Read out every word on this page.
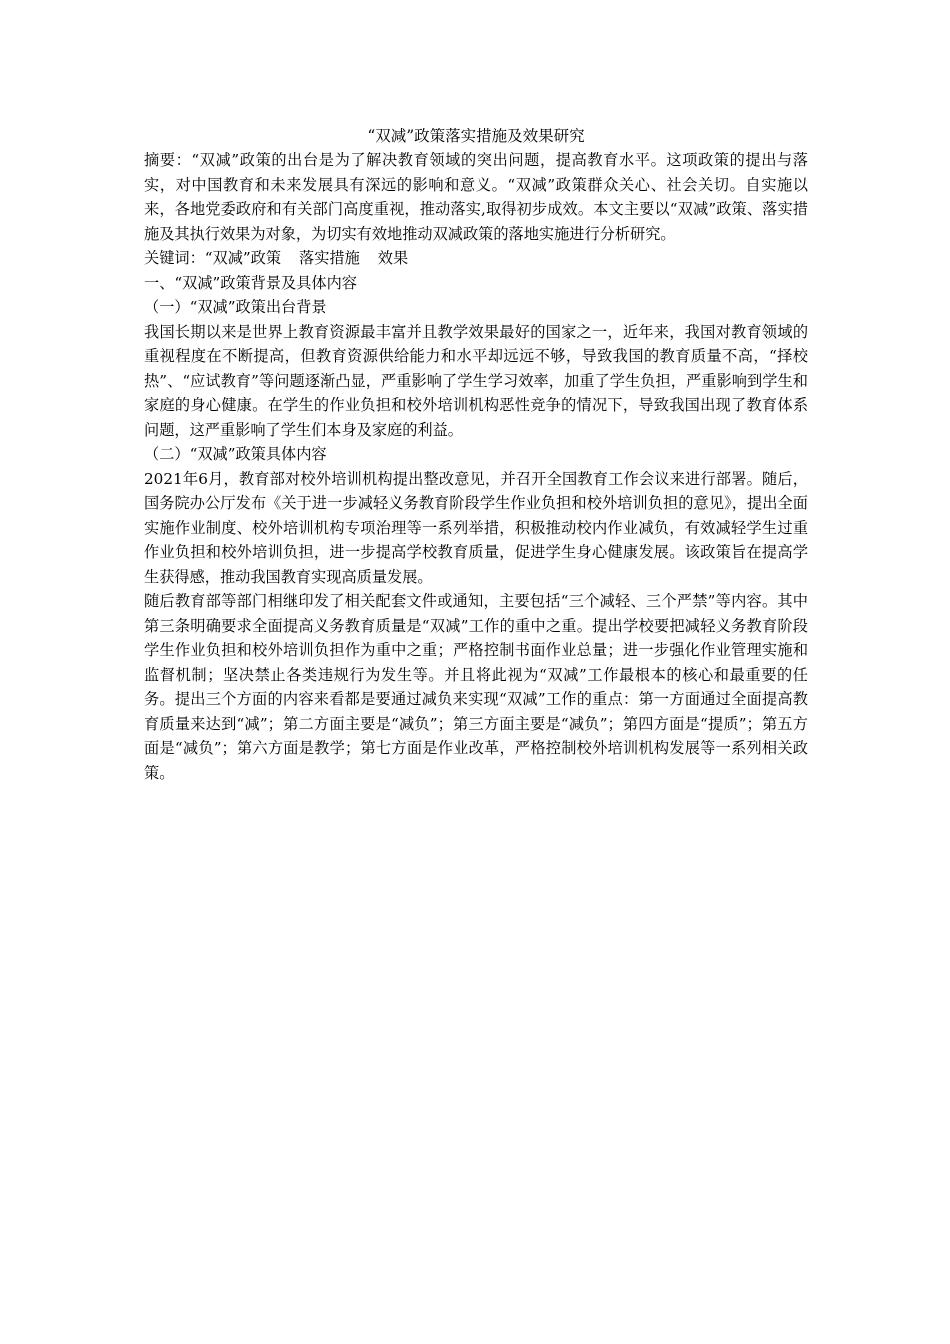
“双减”政策落实措施及效果研究

摘要：“双减”政策的出台是为了解决教育领域的突出问题，提高教育水平。这项政策的提出与落实，对中国教育和未来发展具有深远的影响和意义。“双减”政策群众关心、社会关切。自实施以来，各地党委政府和有关部门高度重视，推动落实,取得初步成效。本文主要以“双减”政策、落实措施及其执行效果为对象，为切实有效地推动双减政策的落地实施进行分析研究。

关键词：“双减”政策 落实措施 效果

一、“双减”政策背景及具体内容

（一）“双减”政策出台背景

我国长期以来是世界上教育资源最丰富并且教学效果最好的国家之一，近年来，我国对教育领域的重视程度在不断提高，但教育资源供给能力和水平却远远不够，导致我国的教育质量不高，“择校热”、“应试教育”等问题逐渐凸显，严重影响了学生学习效率，加重了学生负担，严重影响到学生和家庭的身心健康。在学生的作业负担和校外培训机构恶性竞争的情况下，导致我国出现了教育体系问题，这严重影响了学生们本身及家庭的利益。

（二）“双减”政策具体内容

2021年6月，教育部对校外培训机构提出整改意见，并召开全国教育工作会议来进行部署。随后，国务院办公厅发布《关于进一步减轻义务教育阶段学生作业负担和校外培训负担的意见》，提出全面实施作业制度、校外培训机构专项治理等一系列举措，积极推动校内作业减负，有效减轻学生过重作业负担和校外培训负担，进一步提高学校教育质量，促进学生身心健康发展。该政策旨在提高学生获得感，推动我国教育实现高质量发展。

随后教育部等部门相继印发了相关配套文件或通知，主要包括“三个减轻、三个严禁”等内容。其中第三条明确要求全面提高义务教育质量是“双减”工作的重中之重。提出学校要把减轻义务教育阶段学生作业负担和校外培训负担作为重中之重；严格控制书面作业总量；进一步强化作业管理实施和监督机制；坚决禁止各类违规行为发生等。并且将此视为“双减”工作最根本的核心和最重要的任务。提出三个方面的内容来看都是要通过减负来实现“双减”工作的重点：第一方面通过全面提高教育质量来达到“减”；第二方面主要是“减负”；第三方面主要是“减负”；第四方面是“提质”；第五方面是“减负”；第六方面是教学；第七方面是作业改革，严格控制校外培训机构发展等一系列相关政策。
